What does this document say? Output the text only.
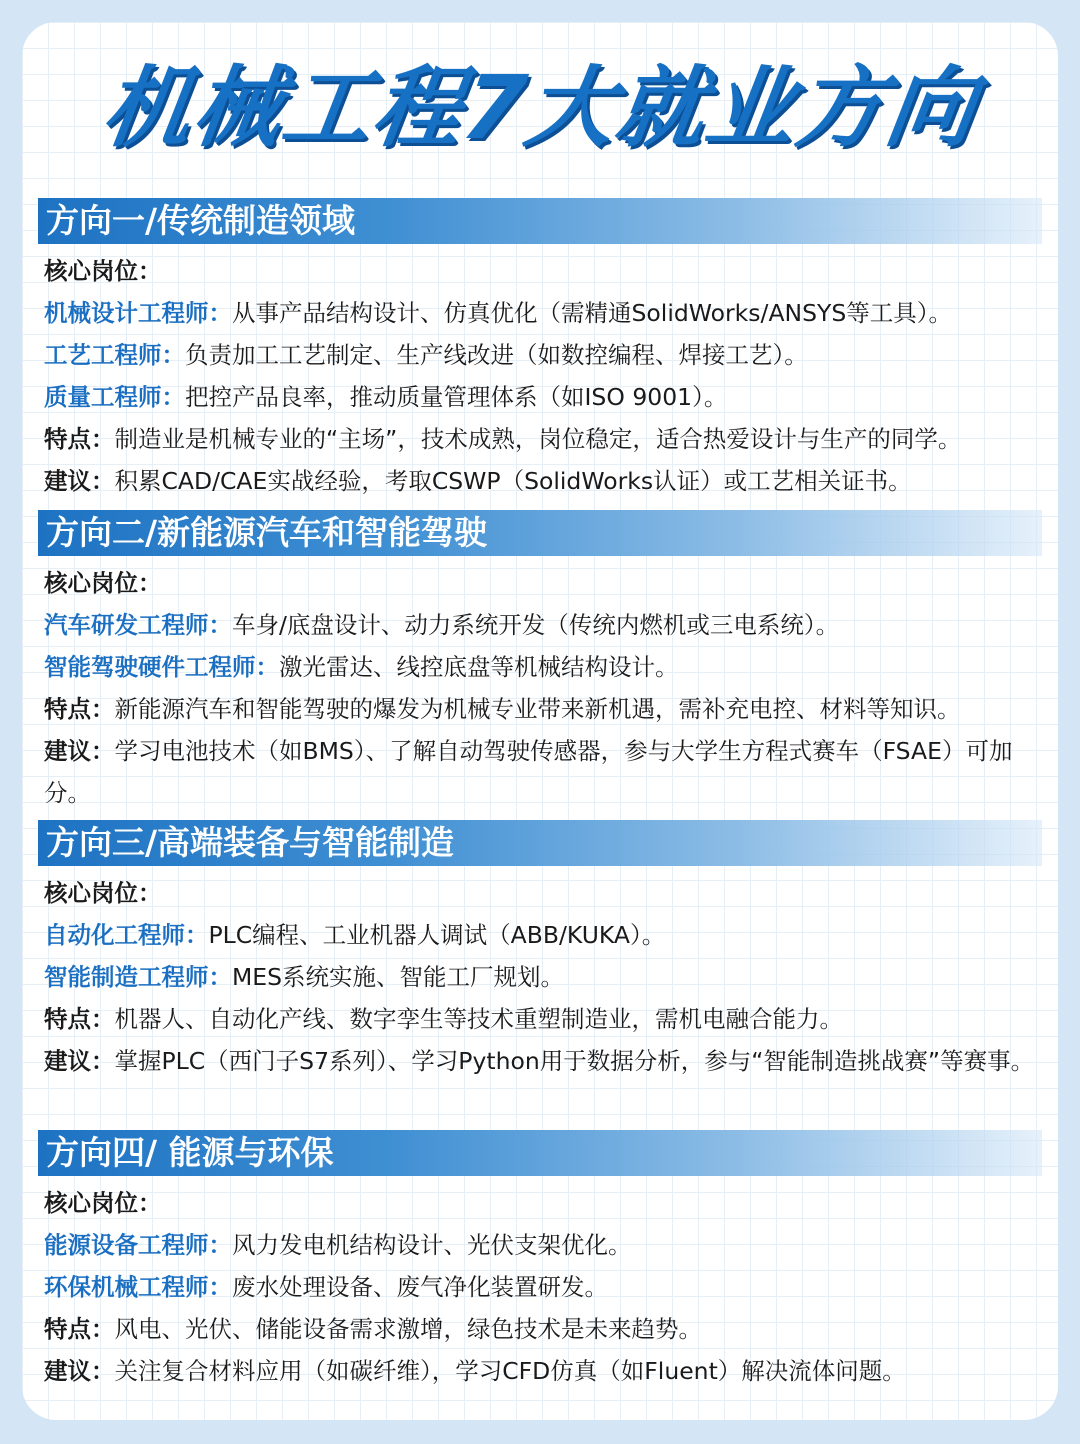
机械工程7大就业方向
方向一/传统制造领域
核心岗位：
机械设计工程师：从事产品结构设计、仿真优化（需精通SolidWorks/ANSYS等工具）。
工艺工程师：负责加工工艺制定、生产线改进（如数控编程、焊接工艺）。
质量工程师：把控产品良率，推动质量管理体系（如ISO 9001）。
特点：制造业是机械专业的“主场”，技术成熟，岗位稳定，适合热爱设计与生产的同学。
建议：积累CAD/CAE实战经验，考取CSWP（SolidWorks认证）或工艺相关证书。
方向二/新能源汽车和智能驾驶
核心岗位：
汽车研发工程师：车身/底盘设计、动力系统开发（传统内燃机或三电系统）。
智能驾驶硬件工程师：激光雷达、线控底盘等机械结构设计。
特点：新能源汽车和智能驾驶的爆发为机械专业带来新机遇，需补充电控、材料等知识。
建议：学习电池技术（如BMS）、了解自动驾驶传感器，参与大学生方程式赛车（FSAE）可加分。
方向三/高端装备与智能制造
核心岗位：
自动化工程师：PLC编程、工业机器人调试（ABB/KUKA）。
智能制造工程师：MES系统实施、智能工厂规划。
特点：机器人、自动化产线、数字孪生等技术重塑制造业，需机电融合能力。
建议：掌握PLC（西门子S7系列）、学习Python用于数据分析，参与“智能制造挑战赛”等赛事。
方向四/ 能源与环保
核心岗位：
能源设备工程师：风力发电机结构设计、光伏支架优化。
环保机械工程师：废水处理设备、废气净化装置研发。
特点：风电、光伏、储能设备需求激增，绿色技术是未来趋势。
建议：关注复合材料应用（如碳纤维），学习CFD仿真（如Fluent）解决流体问题。
